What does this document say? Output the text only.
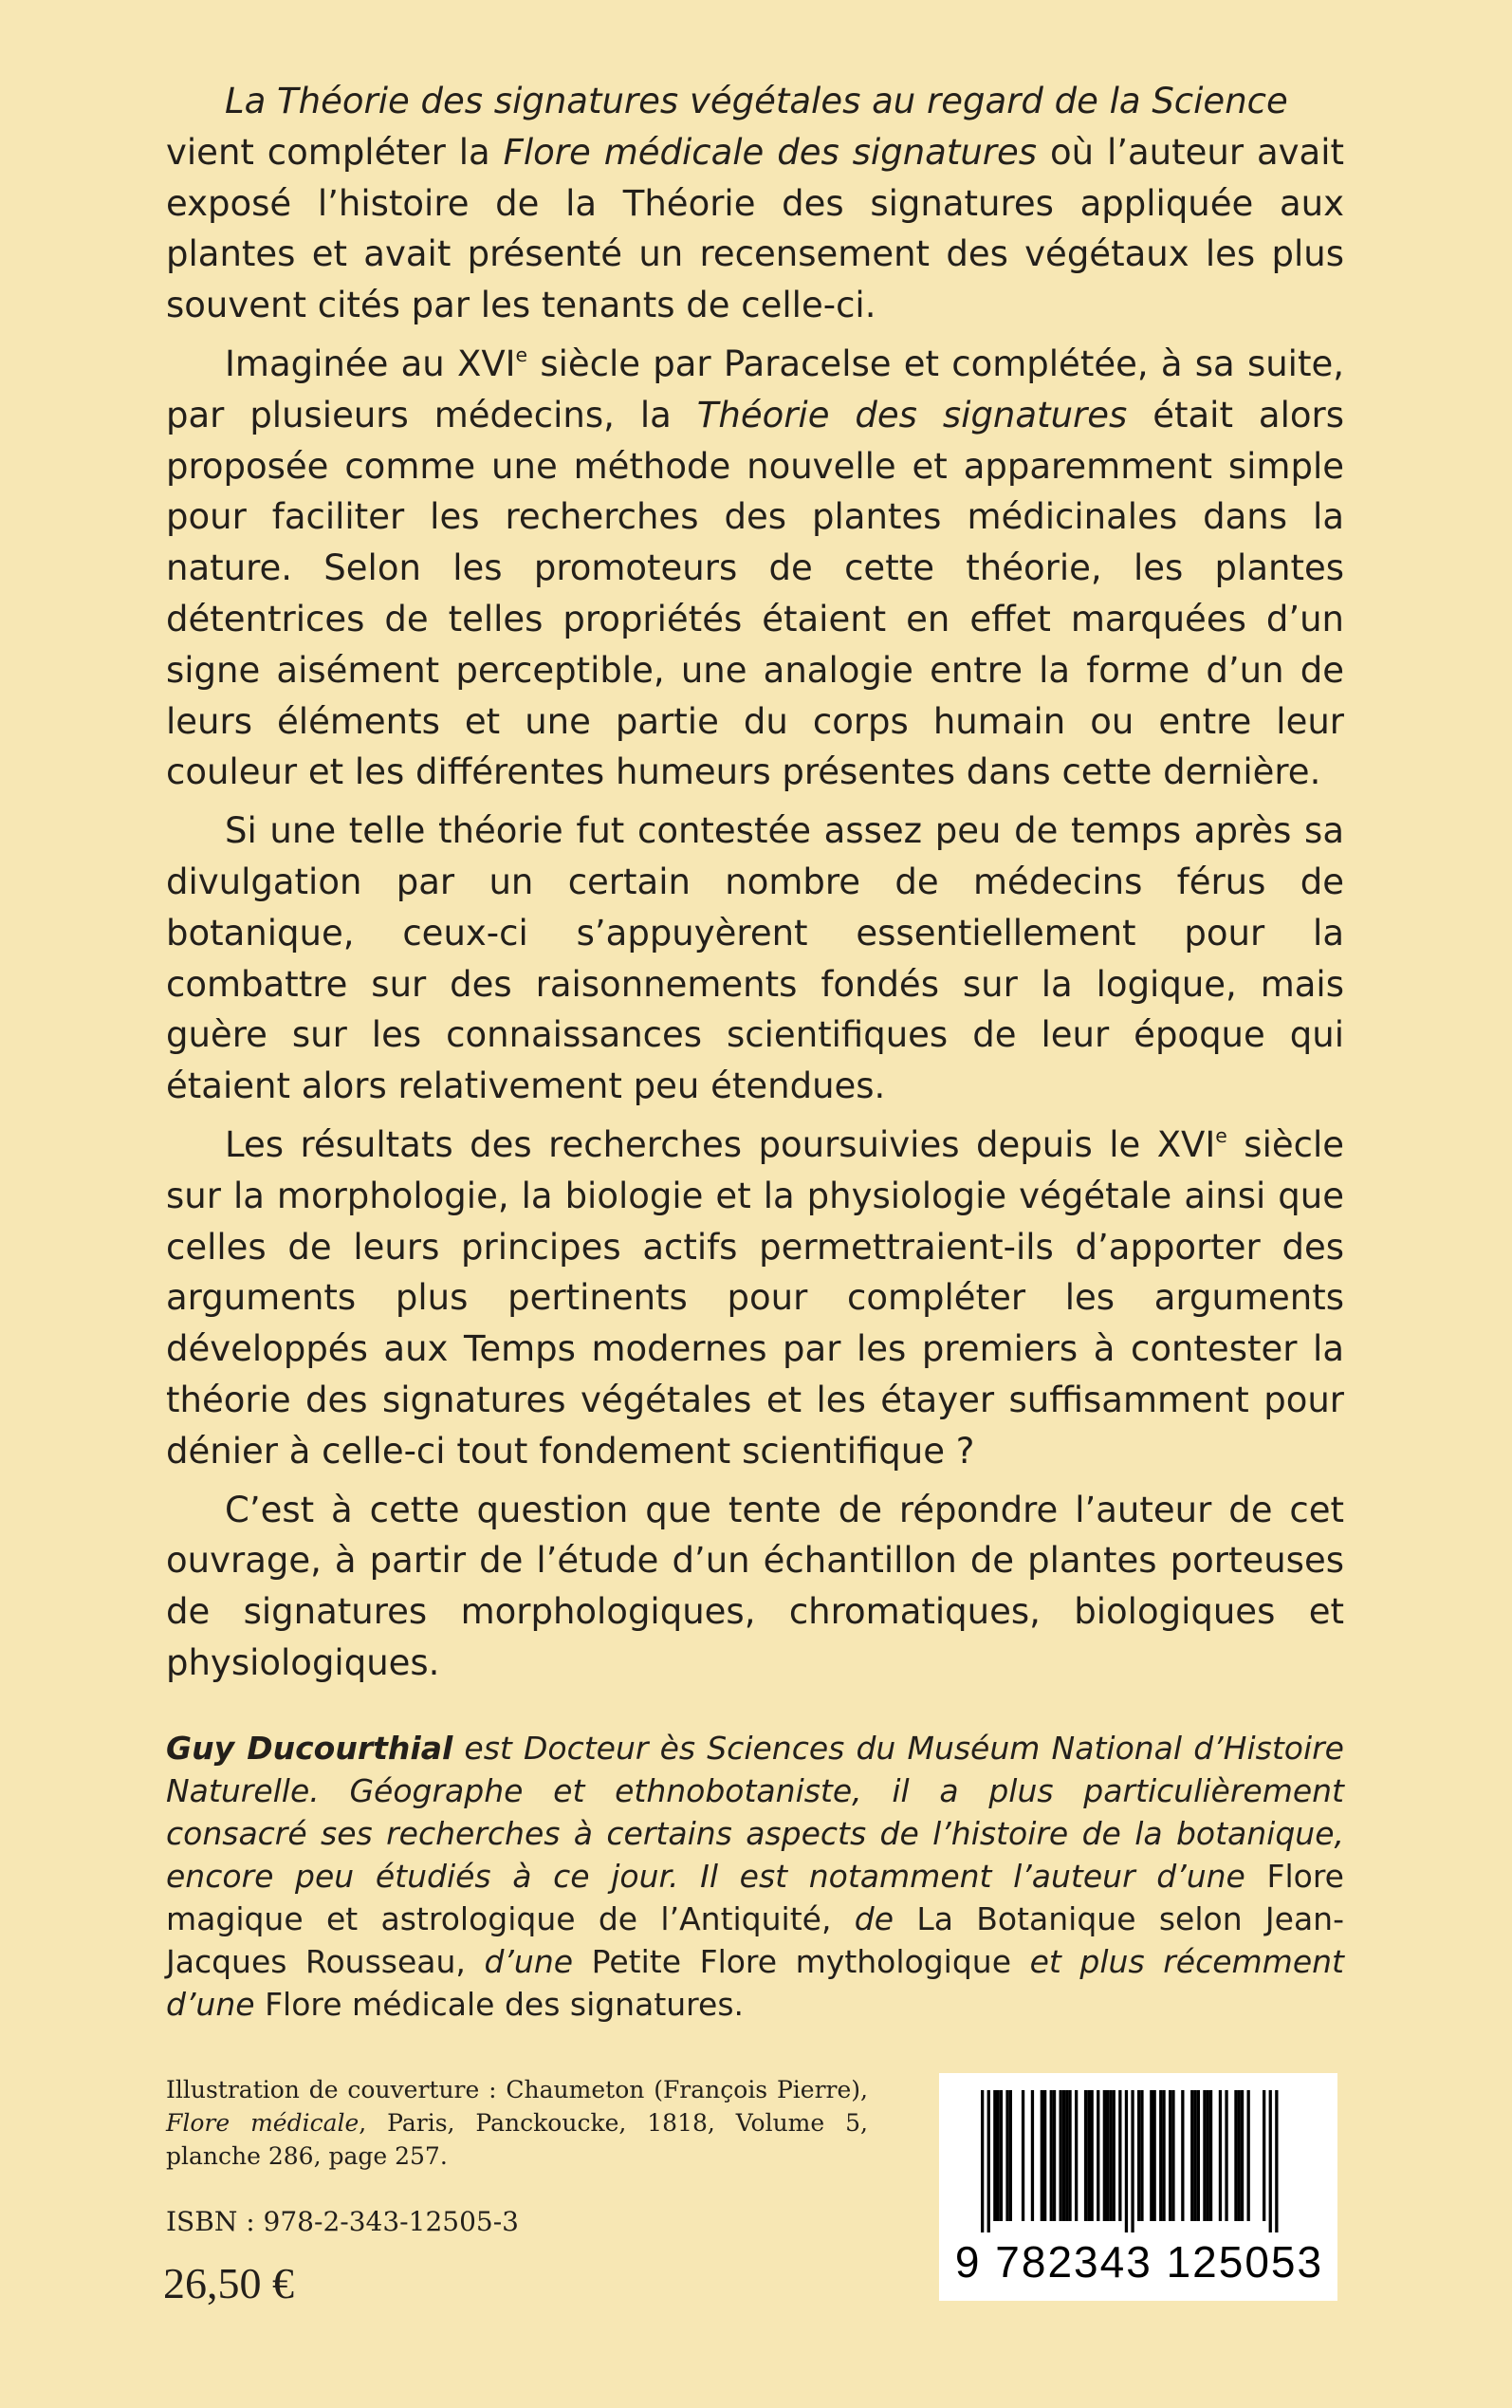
La Théorie des signatures végétales au regard de la Science
vient compléter la Flore médicale des signatures où l’auteur avait exposé l’histoire de la Théorie des signatures appliquée aux plantes et avait présenté un recensement des végétaux les plus souvent cités par les tenants de celle-ci.

Imaginée au XVIe siècle par Paracelse et complétée, à sa suite, par plusieurs médecins, la Théorie des signatures était alors proposée comme une méthode nouvelle et apparemment simple pour faciliter les recherches des plantes médicinales dans la nature. Selon les promoteurs de cette théorie, les plantes détentrices de telles propriétés étaient en effet marquées d’un signe aisément perceptible, une analogie entre la forme d’un de leurs éléments et une partie du corps humain ou entre leur couleur et les différentes humeurs présentes dans cette dernière.

Si une telle théorie fut contestée assez peu de temps après sa divulgation par un certain nombre de médecins férus de botanique, ceux-ci s’appuyèrent essentiellement pour la combattre sur des raisonnements fondés sur la logique, mais guère sur les connaissances scientifiques de leur époque qui étaient alors relativement peu étendues.

Les résultats des recherches poursuivies depuis le XVIe siècle sur la morphologie, la biologie et la physiologie végétale ainsi que celles de leurs principes actifs permettraient-ils d’apporter des arguments plus pertinents pour compléter les arguments développés aux Temps modernes par les premiers à contester la théorie des signatures végétales et les étayer suffisamment pour dénier à celle-ci tout fondement scientifique ?

C’est à cette question que tente de répondre l’auteur de cet ouvrage, à partir de l’étude d’un échantillon de plantes porteuses de signatures morphologiques, chromatiques, biologiques et physiologiques.

Guy Ducourthial est Docteur ès Sciences du Muséum National d’Histoire Naturelle. Géographe et ethnobotaniste, il a plus particulièrement consacré ses recherches à certains aspects de l’histoire de la botanique, encore peu étudiés à ce jour. Il est notamment l’auteur d’une Flore magique et astrologique de l’Antiquité, de La Botanique selon Jean-Jacques Rousseau, d’une Petite Flore mythologique et plus récemment d’une Flore médicale des signatures.
Illustration de couverture : Chaumeton (François Pierre), Flore médicale, Paris, Panckoucke, 1818, Volume 5, planche 286, page 257.
ISBN : 978-2-343-12505-3
26,50 €	9 782343 125053
